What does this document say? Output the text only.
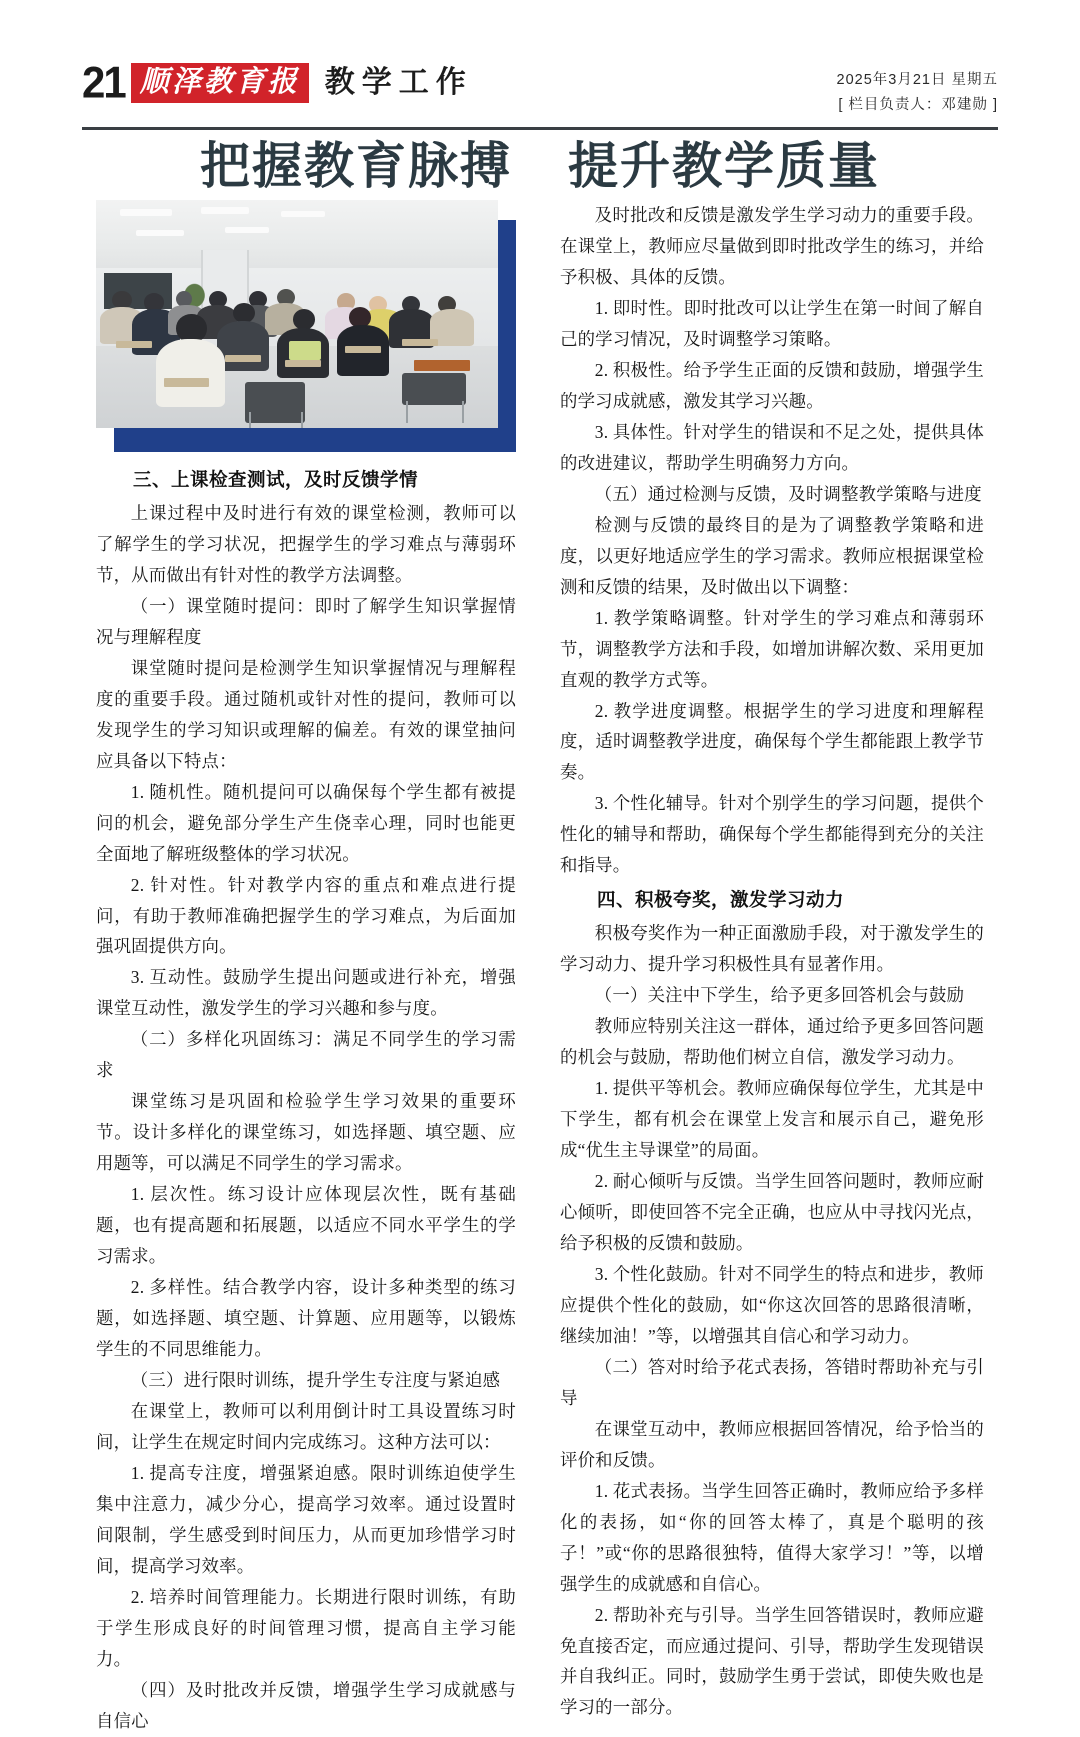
21 顺泽教育报 教学工作	2025年3月21日 星期五
[ 栏目负责人：邓建勋 ]
把握教育脉搏 提升教学质量
三、上课检查测试，及时反馈学情

上课过程中及时进行有效的课堂检测，教师可以了解学生的学习状况，把握学生的学习难点与薄弱环节，从而做出有针对性的教学方法调整。

（一）课堂随时提问：即时了解学生知识掌握情况与理解程度

课堂随时提问是检测学生知识掌握情况与理解程度的重要手段。通过随机或针对性的提问，教师可以发现学生的学习知识或理解的偏差。有效的课堂抽问应具备以下特点：

1. 随机性。随机提问可以确保每个学生都有被提问的机会，避免部分学生产生侥幸心理，同时也能更全面地了解班级整体的学习状况。

2. 针对性。针对教学内容的重点和难点进行提问，有助于教师准确把握学生的学习难点，为后面加强巩固提供方向。

3. 互动性。鼓励学生提出问题或进行补充，增强课堂互动性，激发学生的学习兴趣和参与度。

（二）多样化巩固练习：满足不同学生的学习需求

课堂练习是巩固和检验学生学习效果的重要环节。设计多样化的课堂练习，如选择题、填空题、应用题等，可以满足不同学生的学习需求。

1. 层次性。练习设计应体现层次性，既有基础题，也有提高题和拓展题，以适应不同水平学生的学习需求。

2. 多样性。结合教学内容，设计多种类型的练习题，如选择题、填空题、计算题、应用题等，以锻炼学生的不同思维能力。

（三）进行限时训练，提升学生专注度与紧迫感

在课堂上，教师可以利用倒计时工具设置练习时间，让学生在规定时间内完成练习。这种方法可以：

1. 提高专注度，增强紧迫感。限时训练迫使学生集中注意力，减少分心，提高学习效率。通过设置时间限制，学生感受到时间压力，从而更加珍惜学习时间，提高学习效率。

2. 培养时间管理能力。长期进行限时训练，有助于学生形成良好的时间管理习惯，提高自主学习能力。

（四）及时批改并反馈，增强学生学习成就感与自信心

及时批改和反馈是激发学生学习动力的重要手段。在课堂上，教师应尽量做到即时批改学生的练习，并给予积极、具体的反馈。

1. 即时性。即时批改可以让学生在第一时间了解自己的学习情况，及时调整学习策略。

2. 积极性。给予学生正面的反馈和鼓励，增强学生的学习成就感，激发其学习兴趣。

3. 具体性。针对学生的错误和不足之处，提供具体的改进建议，帮助学生明确努力方向。

（五）通过检测与反馈，及时调整教学策略与进度

检测与反馈的最终目的是为了调整教学策略和进度，以更好地适应学生的学习需求。教师应根据课堂检测和反馈的结果，及时做出以下调整：

1. 教学策略调整。针对学生的学习难点和薄弱环节，调整教学方法和手段，如增加讲解次数、采用更加直观的教学方式等。

2. 教学进度调整。根据学生的学习进度和理解程度，适时调整教学进度，确保每个学生都能跟上教学节奏。

3. 个性化辅导。针对个别学生的学习问题，提供个性化的辅导和帮助，确保每个学生都能得到充分的关注和指导。

四、积极夸奖，激发学习动力

积极夸奖作为一种正面激励手段，对于激发学生的学习动力、提升学习积极性具有显著作用。

（一）关注中下学生，给予更多回答机会与鼓励

教师应特别关注这一群体，通过给予更多回答问题的机会与鼓励，帮助他们树立自信，激发学习动力。

1. 提供平等机会。教师应确保每位学生，尤其是中下学生，都有机会在课堂上发言和展示自己，避免形成“优生主导课堂”的局面。

2. 耐心倾听与反馈。当学生回答问题时，教师应耐心倾听，即使回答不完全正确，也应从中寻找闪光点，给予积极的反馈和鼓励。

3. 个性化鼓励。针对不同学生的特点和进步，教师应提供个性化的鼓励，如“你这次回答的思路很清晰，继续加油！”等，以增强其自信心和学习动力。

（二）答对时给予花式表扬，答错时帮助补充与引导

在课堂互动中，教师应根据回答情况，给予恰当的评价和反馈。

1. 花式表扬。当学生回答正确时，教师应给予多样化的表扬，如“你的回答太棒了，真是个聪明的孩子！”或“你的思路很独特，值得大家学习！”等，以增强学生的成就感和自信心。

2. 帮助补充与引导。当学生回答错误时，教师应避免直接否定，而应通过提问、引导，帮助学生发现错误并自我纠正。同时，鼓励学生勇于尝试，即使失败也是学习的一部分。
